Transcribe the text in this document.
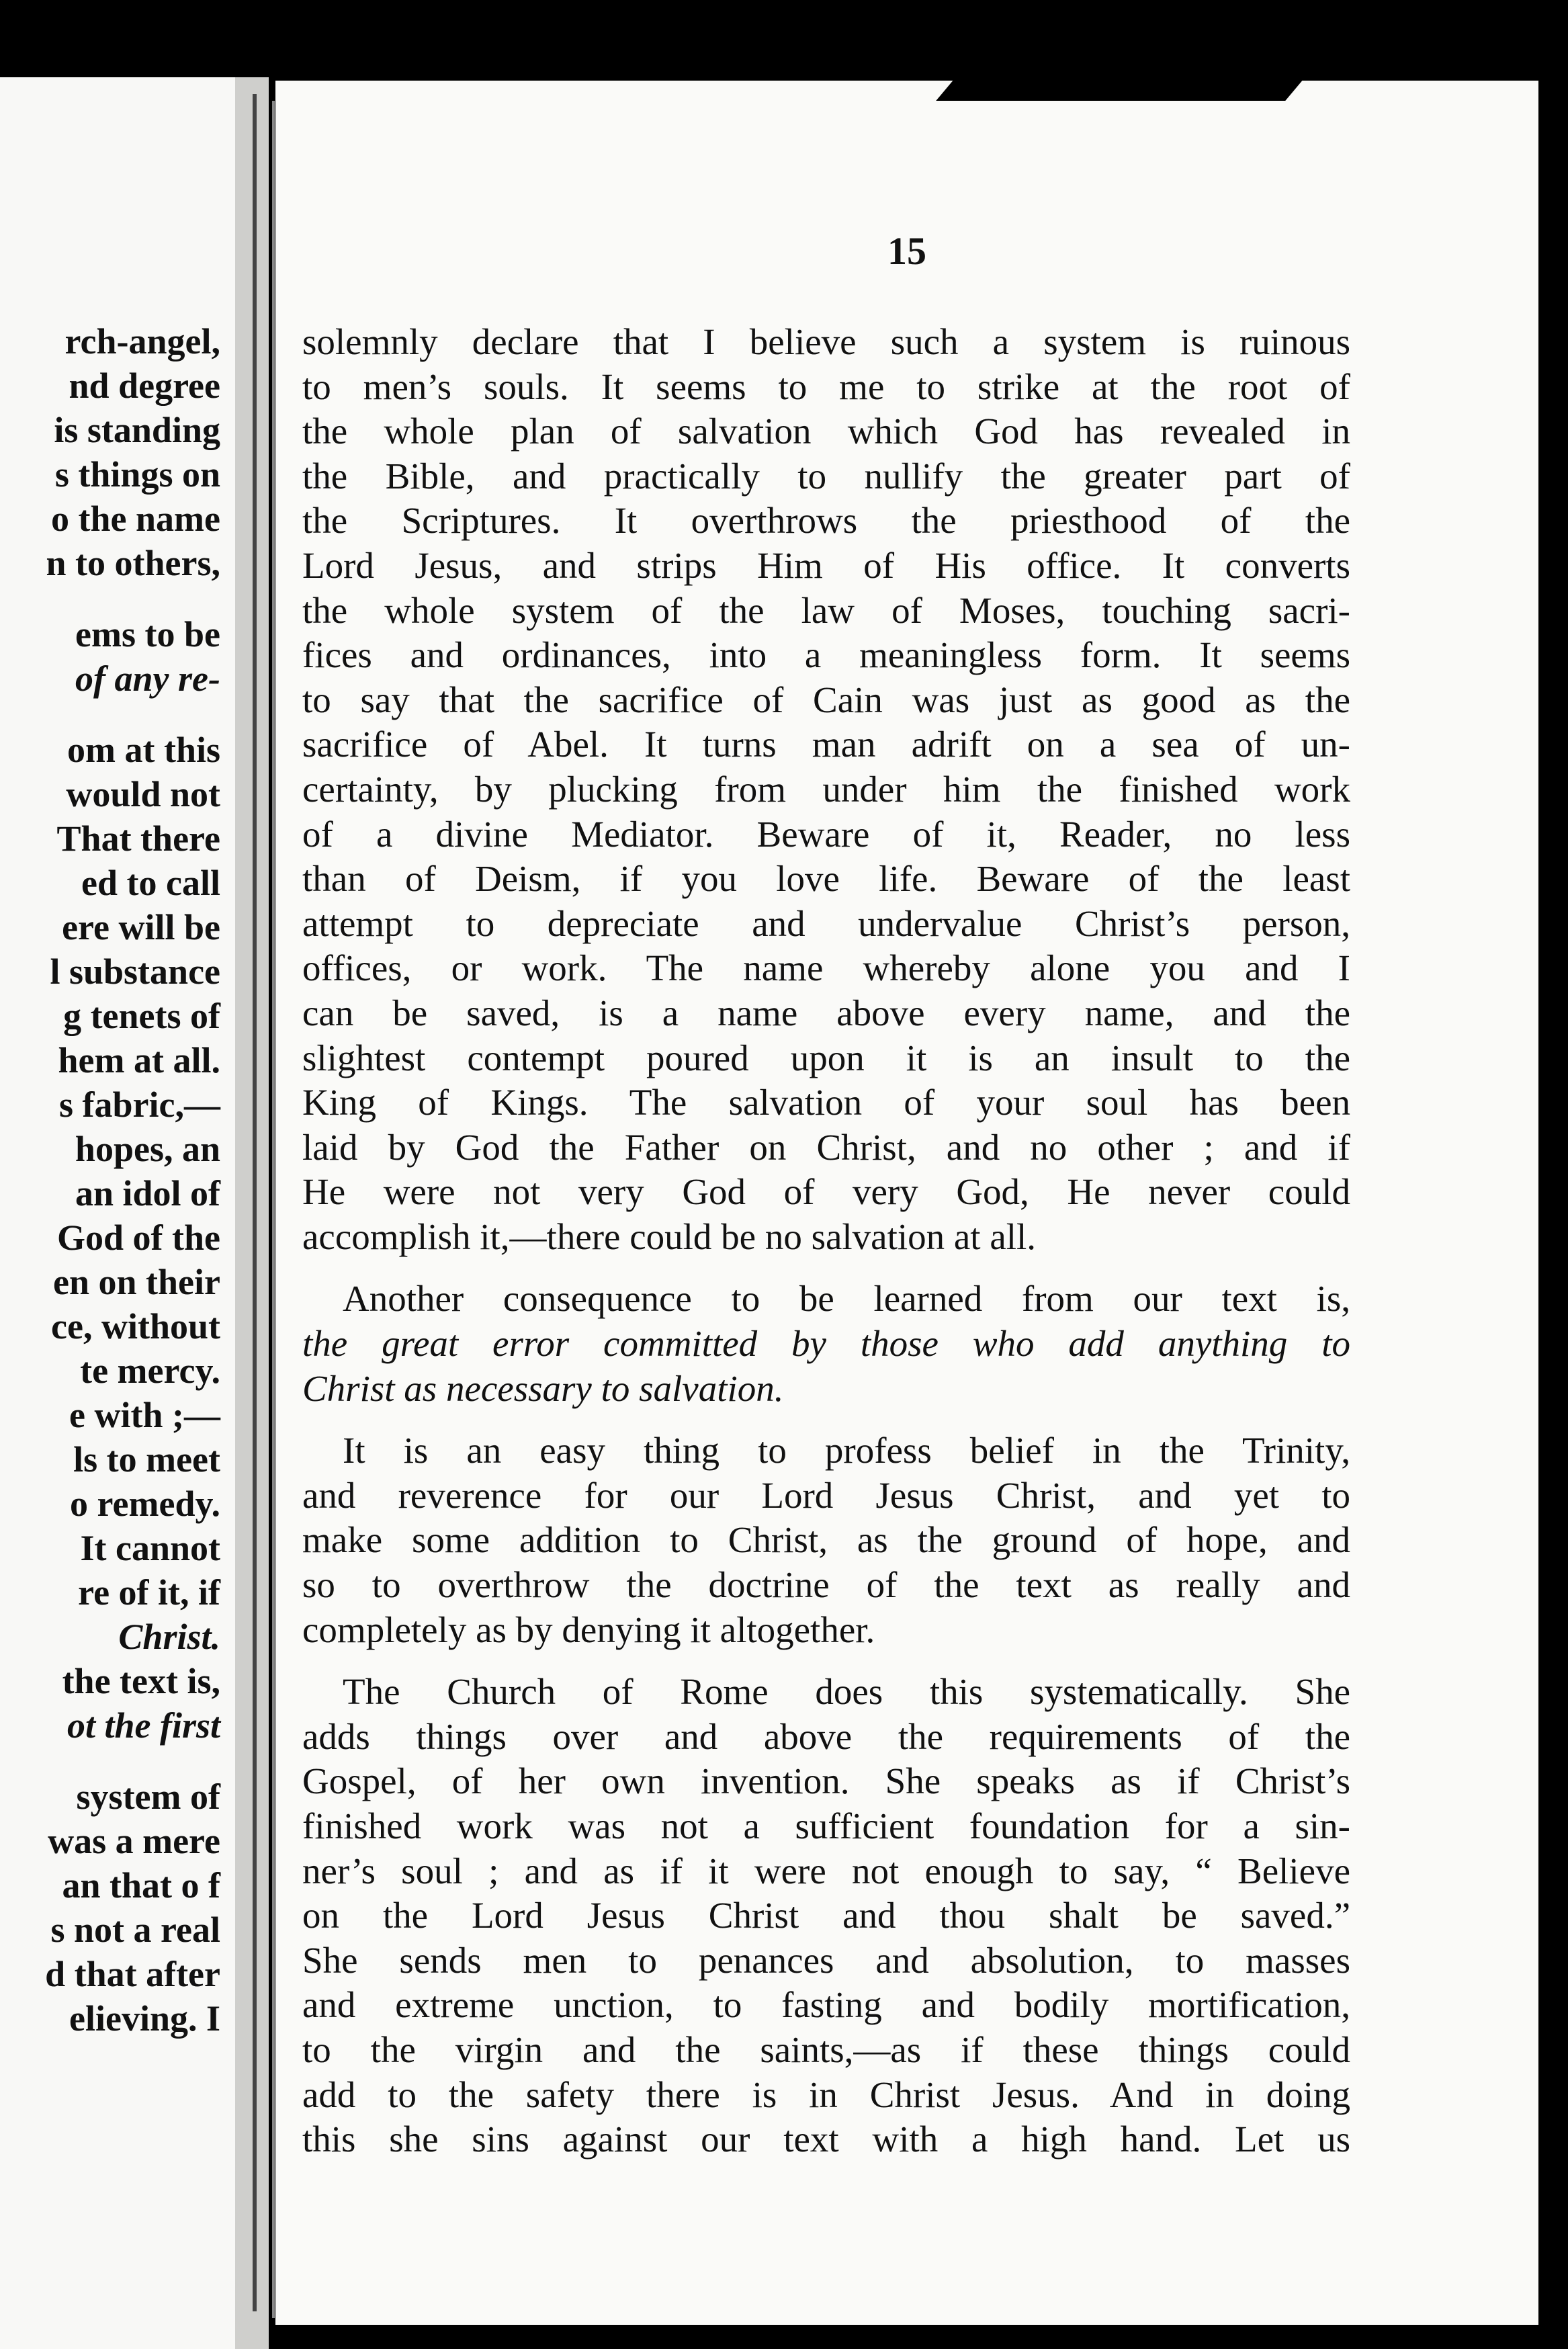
rch-angel,
nd degree
is standing
s things on
o the name
n to others,
ems to be
of any re-
om at this
would not
That there
ed to call
ere will be
l substance
g tenets of
hem at all.
s fabric,—
hopes, an
an idol of
God of the
en on their
ce, without
te mercy.
e with ;—
ls to meet
o remedy.
It cannot
re of it, if
Christ.
the text is,
ot the first
system of
was a mere
an that o f
s not a real
d that after
elieving. I
15
solemnly declare that I believe such a system is ruinous
to men’s souls. It seems to me to strike at the root of
the whole plan of salvation which God has revealed in
the Bible, and practically to nullify the greater part of
the Scriptures. It overthrows the priesthood of the
Lord Jesus, and strips Him of His office. It converts
the whole system of the law of Moses, touching sacri-
fices and ordinances, into a meaningless form. It seems
to say that the sacrifice of Cain was just as good as the
sacrifice of Abel. It turns man adrift on a sea of un-
certainty, by plucking from under him the finished work
of a divine Mediator. Beware of it, Reader, no less
than of Deism, if you love life. Beware of the least
attempt to depreciate and undervalue Christ’s person,
offices, or work. The name whereby alone you and I
can be saved, is a name above every name, and the
slightest contempt poured upon it is an insult to the
King of Kings. The salvation of your soul has been
laid by God the Father on Christ, and no other ; and if
He were not very God of very God, He never could
accomplish it,—there could be no salvation at all.
Another consequence to be learned from our text is,
the great error committed by those who add anything to
Christ as necessary to salvation.
It is an easy thing to profess belief in the Trinity,
and reverence for our Lord Jesus Christ, and yet to
make some addition to Christ, as the ground of hope, and
so to overthrow the doctrine of the text as really and
completely as by denying it altogether.
The Church of Rome does this systematically. She
adds things over and above the requirements of the
Gospel, of her own invention. She speaks as if Christ’s
finished work was not a sufficient foundation for a sin-
ner’s soul ; and as if it were not enough to say, “ Believe
on the Lord Jesus Christ and thou shalt be saved.”
She sends men to penances and absolution, to masses
and extreme unction, to fasting and bodily mortification,
to the virgin and the saints,—as if these things could
add to the safety there is in Christ Jesus. And in doing
this she sins against our text with a high hand. Let us
